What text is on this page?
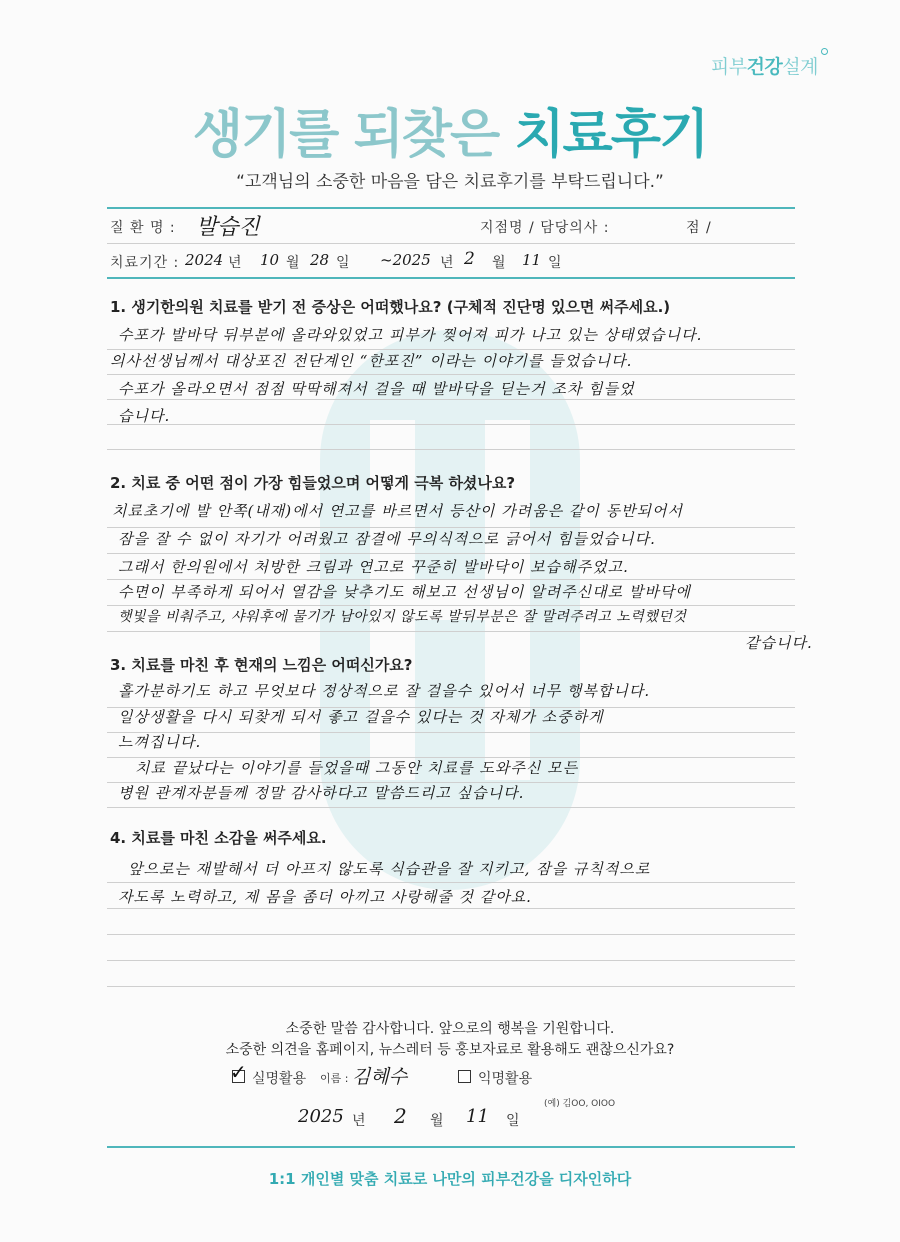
피부건강설계
생기를 되찾은 치료후기
“고객님의 소중한 마음을 담은 치료후기를 부탁드립니다.”
질 환 명 : 발습진	지점명 / 담당의사 :	점 /
치료기간 : 2024 년 10 월 28 일 ~2025 년 2 월 11 일
1. 생기한의원 치료를 받기 전 증상은 어떠했나요? (구체적 진단명 있으면 써주세요.)
수포가 발바닥 뒤부분에 올라와있었고 피부가 찢어져 피가 나고 있는 상태였습니다.
의사선생님께서 대상포진 전단계인 “한포진” 이라는 이야기를 들었습니다.
수포가 올라오면서 점점 딱딱해져서 걸을 때 발바닥을 딛는거 조차 힘들었
습니다.
2. 치료 중 어떤 점이 가장 힘들었으며 어떻게 극복 하셨나요?
치료초기에 발 안쪽(내재)에서 연고를 바르면서 등산이 가려움은 같이 동반되어서
잠을 잘 수 없이 자기가 어려웠고 잠결에 무의식적으로 긁어서 힘들었습니다.
그래서 한의원에서 처방한 크림과 연고로 꾸준히 발바닥이 보습해주었고.
수면이 부족하게 되어서 열감을 낮추기도 해보고 선생님이 알려주신대로 발바닥에
햇빛을 비춰주고, 샤워후에 물기가 남아있지 않도록 발뒤부분은 잘 말려주려고 노력했던것
같습니다.
3. 치료를 마친 후 현재의 느낌은 어떠신가요?
홀가분하기도 하고 무엇보다 정상적으로 잘 걸을수 있어서 너무 행복합니다.
일상생활을 다시 되찾게 되서 좋고 걸을수 있다는 것 자체가 소중하게
느껴집니다.
치료 끝났다는 이야기를 들었을때 그동안 치료를 도와주신 모든
병원 관계자분들께 정말 감사하다고 말씀드리고 싶습니다.
4. 치료를 마친 소감을 써주세요.
앞으로는 재발해서 더 아프지 않도록 식습관을 잘 지키고, 잠을 규칙적으로
자도록 노력하고, 제 몸을 좀더 아끼고 사랑해줄 것 같아요.
소중한 말씀 감사합니다. 앞으로의 행복을 기원합니다.
소중한 의견을 홈페이지, 뉴스레터 등 홍보자료로 활용해도 괜찮으신가요?
✓ 실명활용 이름 : 김혜수	익명활용
(예) 김OO, OIOO
2025 년 2 월 11 일
1:1 개인별 맞춤 치료로 나만의 피부건강을 디자인하다
